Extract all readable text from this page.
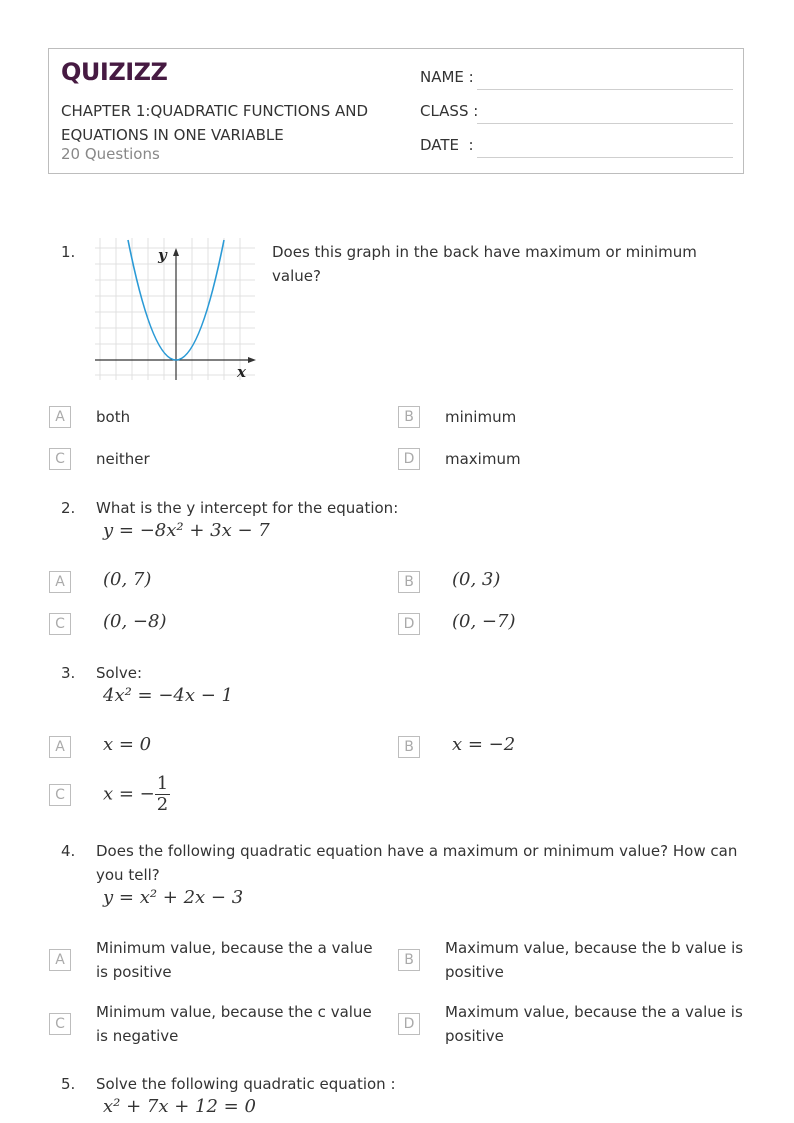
QUIZIZZ
CHAPTER 1:QUADRATIC FUNCTIONS AND EQUATIONS IN ONE VARIABLE
20 Questions
NAME :
CLASS :
DATE  :
1.	y
x
Does this graph in the back have maximum or minimum value?
A	both	B	minimum
C	neither	D	maximum
2. What is the y intercept for the equation:
y = −8x² + 3x − 7
A	(0, 7)	B	(0, 3)
C	(0, −8)	D	(0, −7)
3. Solve:
4x² = −4x − 1
A	x = 0	B	x = −2
C	x = − $\frac{1}{2}$
4. Does the following quadratic equation have a maximum or minimum value? How can you tell?
y = x² + 2x − 3
A
Minimum value, because the a value is positive
B
Maximum value, because the b value is positive
C
Minimum value, because the c value is negative
D
Maximum value, because the a value is positive
5. Solve the following quadratic equation :
x² + 7x + 12 = 0
